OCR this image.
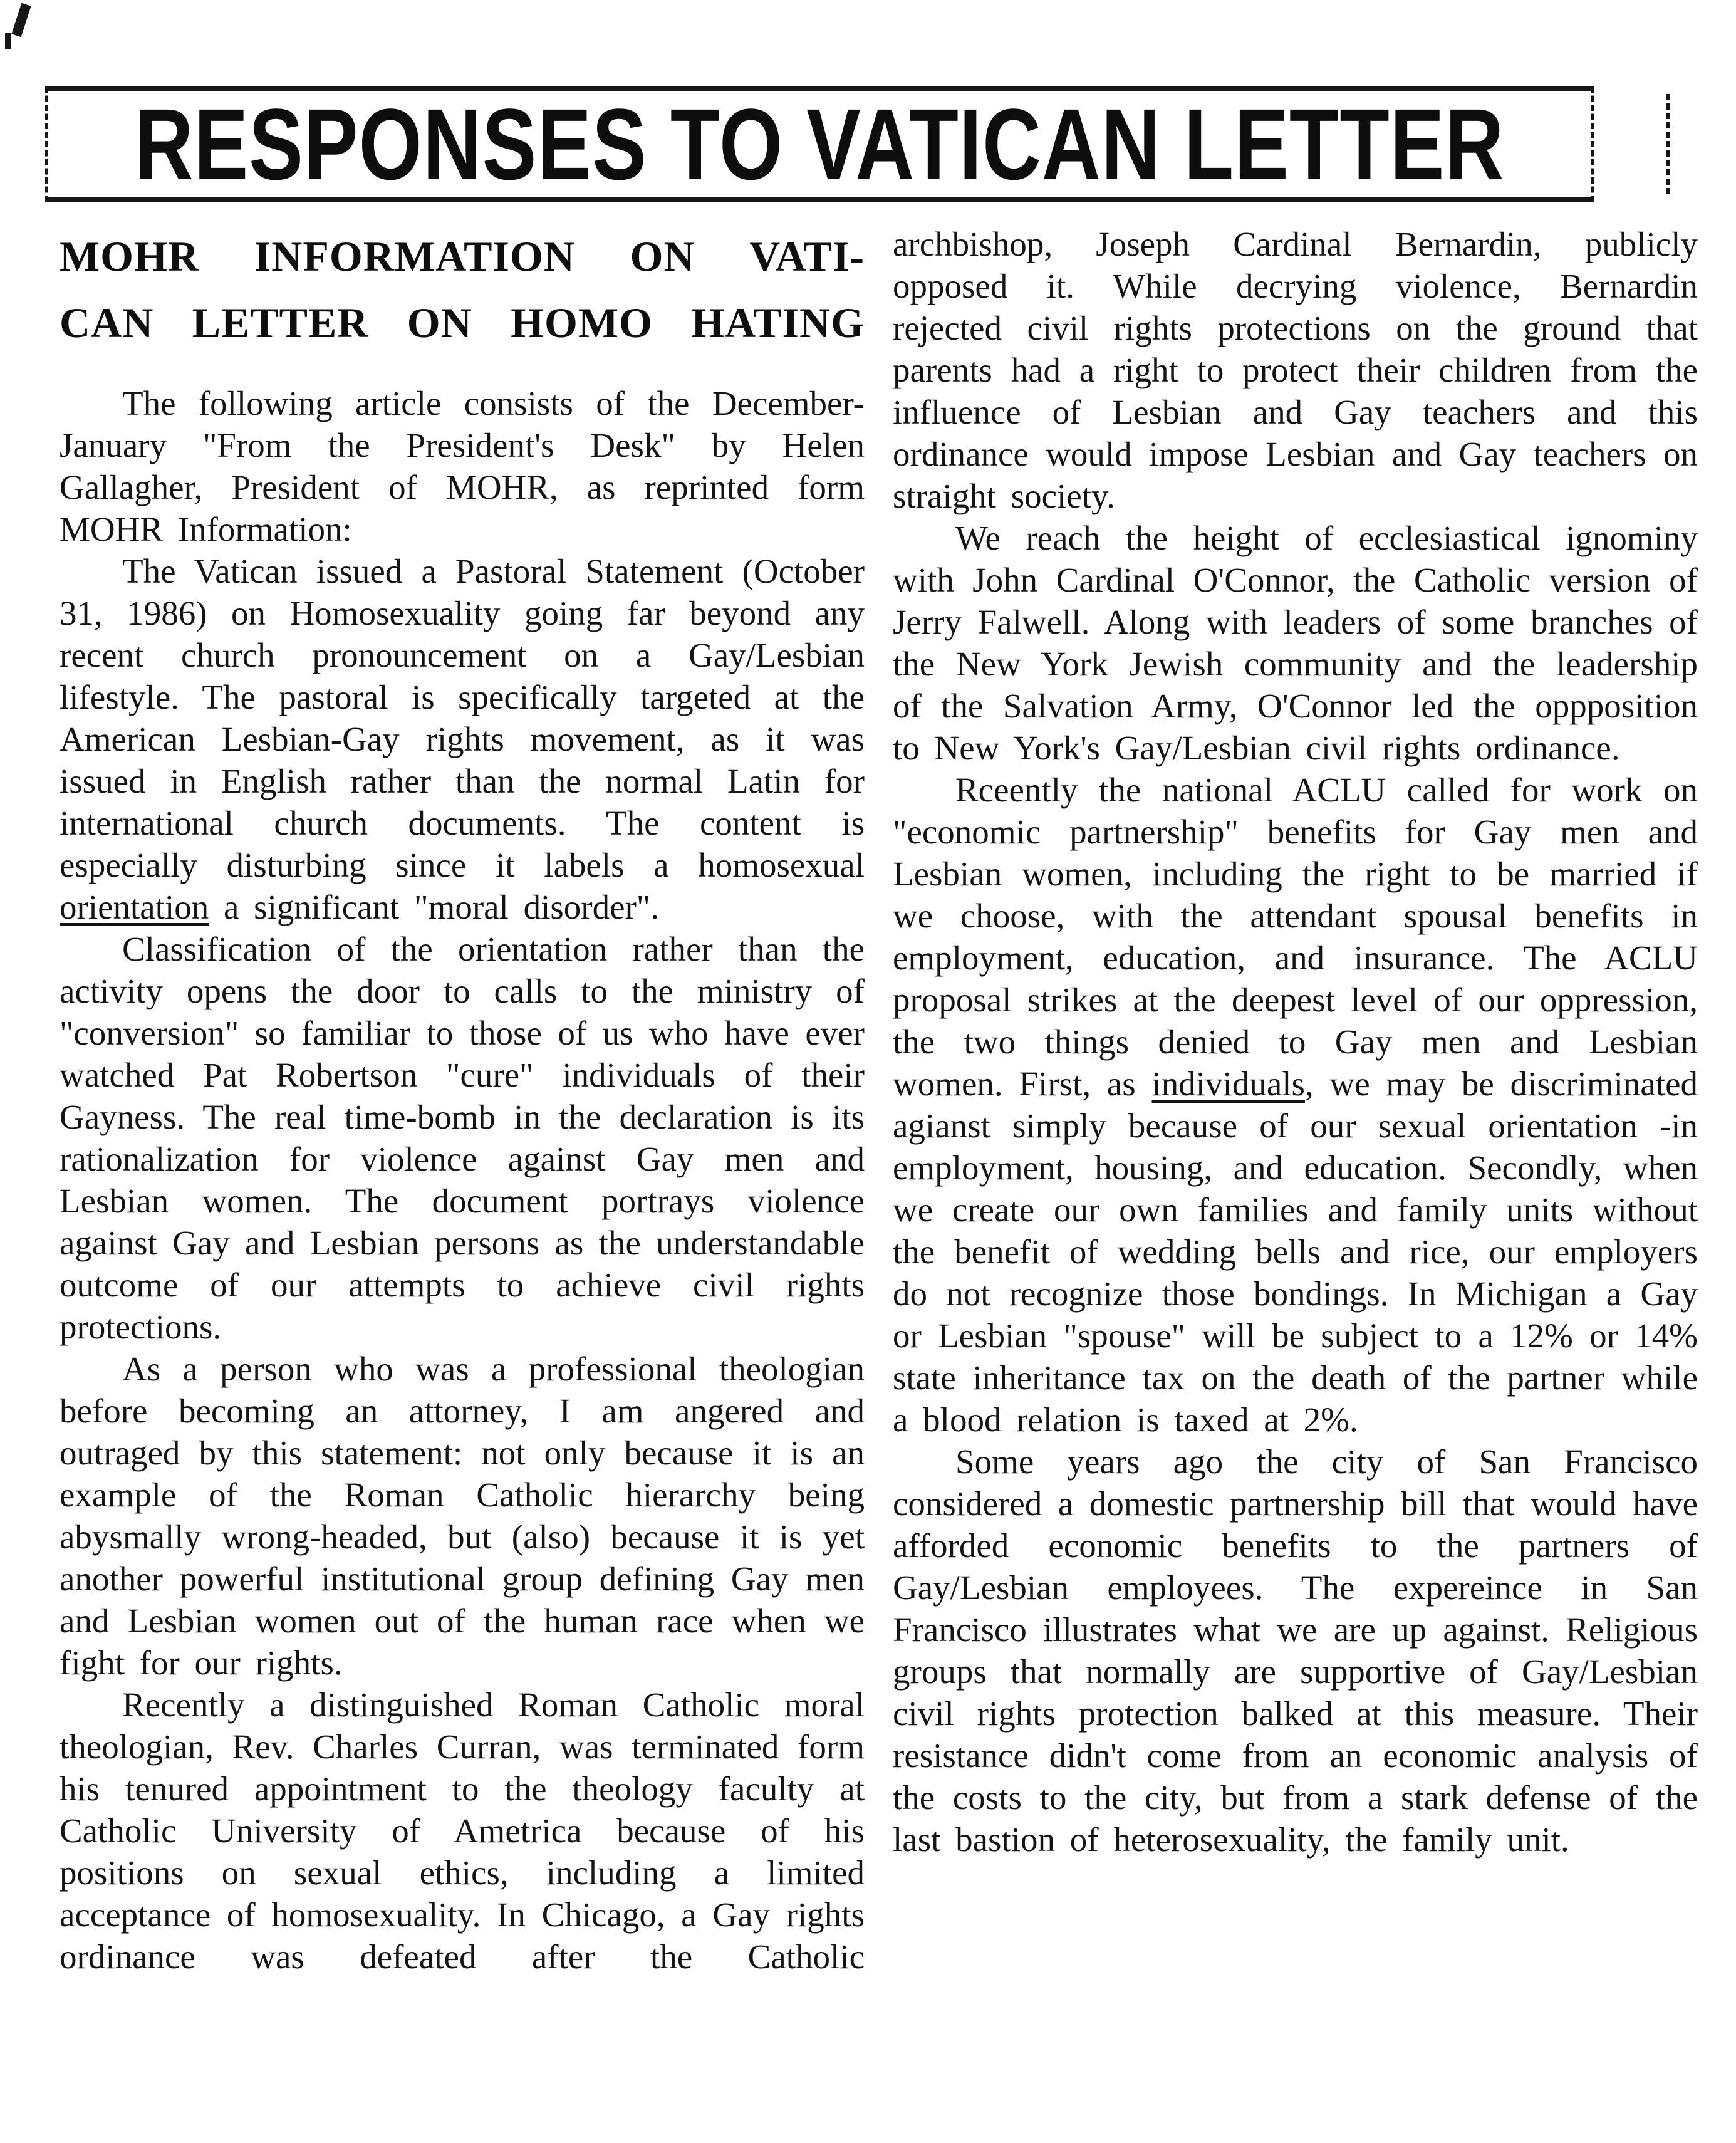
RESPONSES TO VATICAN LETTER
MOHR INFORMATION ON VATI-
CAN LETTER ON HOMO HATING

The following article consists of the December-January "From the President's Desk" by Helen Gallagher, President of MOHR, as reprinted form MOHR Information:

The Vatican issued a Pastoral Statement (October 31, 1986) on Homosexuality going far beyond any recent church pronouncement on a Gay/Lesbian lifestyle. The pastoral is specifically targeted at the American Lesbian-Gay rights movement, as it was issued in English rather than the normal Latin for international church documents. The content is especially disturbing since it labels a homosexual orientation a significant "moral disorder".

Classification of the orientation rather than the activity opens the door to calls to the ministry of "conversion" so familiar to those of us who have ever watched Pat Robertson "cure" individuals of their Gayness. The real time-bomb in the declaration is its rationalization for violence against Gay men and Lesbian women. The document portrays violence against Gay and Lesbian persons as the understandable outcome of our attempts to achieve civil rights protections.

As a person who was a professional theologian before becoming an attorney, I am angered and outraged by this statement: not only because it is an example of the Roman Catholic hierarchy being abysmally wrong-headed, but (also) because it is yet another powerful institutional group defining Gay men and Lesbian women out of the human race when we fight for our rights.

Recently a distinguished Roman Catholic moral theologian, Rev. Charles Curran, was terminated form his tenured appointment to the theology faculty at Catholic University of Ametrica because of his positions on sexual ethics, including a limited acceptance of homosexuality. In Chicago, a Gay rights ordinance was defeated after the Catholic

archbishop, Joseph Cardinal Bernardin, publicly opposed it. While decrying violence, Bernardin rejected civil rights protections on the ground that parents had a right to protect their children from the influence of Lesbian and Gay teachers and this ordinance would impose Lesbian and Gay teachers on straight society.

We reach the height of ecclesiastical ignominy with John Cardinal O'Connor, the Catholic version of Jerry Falwell. Along with leaders of some branches of the New York Jewish community and the leadership of the Salvation Army, O'Connor led the oppposition to New York's Gay/Lesbian civil rights ordinance.

Rceently the national ACLU called for work on "economic partnership" benefits for Gay men and Lesbian women, including the right to be married if we choose, with the attendant spousal benefits in employment, education, and insurance. The ACLU proposal strikes at the deepest level of our oppression, the two things denied to Gay men and Lesbian women. First, as individuals, we may be discriminated agianst simply because of our sexual orientation -in employment, housing, and education. Secondly, when we create our own families and family units without the benefit of wedding bells and rice, our employers do not recognize those bondings. In Michigan a Gay or Lesbian "spouse" will be subject to a 12% or 14% state inheritance tax on the death of the partner while a blood relation is taxed at 2%.

Some years ago the city of San Francisco considered a domestic partnership bill that would have afforded economic benefits to the partners of Gay/Lesbian employees. The expereince in San Francisco illustrates what we are up against. Religious groups that normally are supportive of Gay/Lesbian civil rights protection balked at this measure. Their resistance didn't come from an economic analysis of the costs to the city, but from a stark defense of the last bastion of heterosexuality, the family unit.
